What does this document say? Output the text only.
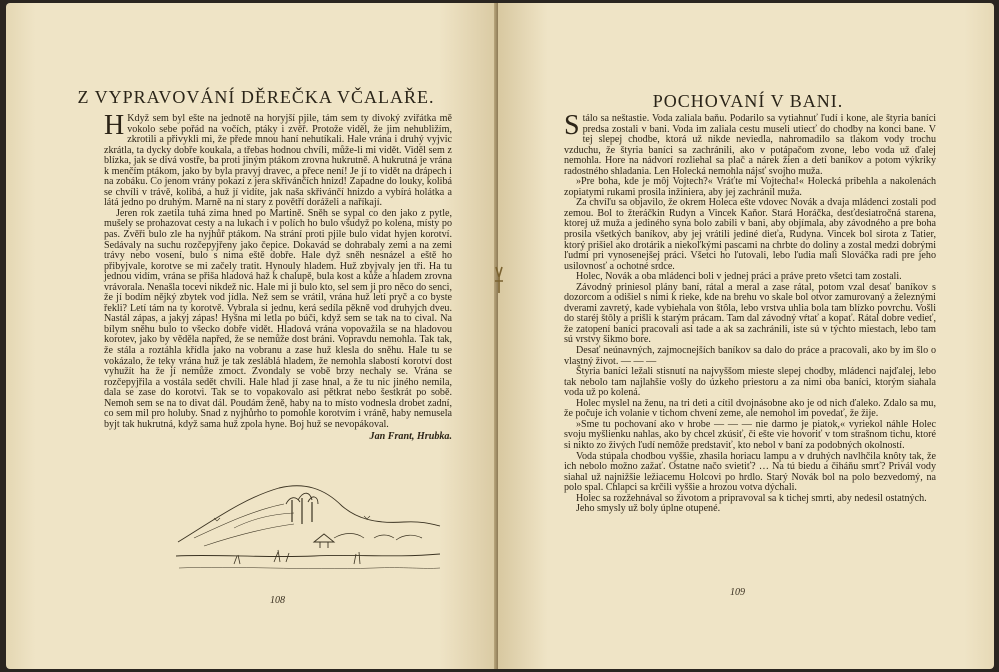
Z VYPRAVOVÁNÍ DĚREČKA VČALAŘE.

H Když sem byl ešte na jednotě na horyjší pjile, tám sem ty divoký zviřátka mě vokolo sebe pořád na vočích, ptáky i zvěř. Protože viděl, že jim nehubližím, zkrotili a přivykli mi, že přede mnou haní nehutíkali. Hale vrána i druhý vyjvic zkrátla, ta dycky dobře koukala, a třebas hodnou chvíli, může-li mi vidět. Viděl sem z blízka, jak se divá vostře, ba proti jiným ptákom zrovna hukrutně. A hukrutná je vrána k menčím ptákom, jako by byla pravyj dravec, a přece není! Je jí to vidět na drápech i na zobáku. Co jenom vrány pokazí z jera skřivánčích hnizd! Zapadne do louky, kolibá se chvíli v trávě, kolibá, a huž jí vidíte, jak naša skřivánčí hnizdo a vybírá holátka a látá jedno po druhým. Marně na ni stary z povětří doráželi a naříkají.

Jeren rok zaetila tuhá zima hned po Martině. Sněh se sypal co den jako z pytle, mušely se prohazovat cesty a na lukach i v polích ho bulo všudyž po kolena, místy po pas. Zvěři bulo zle ha nyjhůř ptákom. Na strání proti pjile bulo vidat hyjen korotví. Sedávaly na suchu rozčepyjřeny jako čepice. Dokavád se dohrabaly zemi a na zemi trávy nebo vosení, bulo s nima eště dobře. Hale dyž sněh nesnázel a eště ho přibyjvale, korotve se mi začely tratit. Hynouly hladem. Huž zbyjvaly jen tři. Ha tu jednou vidím, vrána se přiša hladová haž k chalupě, bula kost a kůže a hladem zrovna vrávorala. Nenašla tocevi nikdež nic. Hale mi ji bulo kto, sel sem ji pro něco do senci, že jí bodím nějký zbytek vod jídla. Než sem se vrátil, vrána huž letí pryč a co byste řekli? Letí tám na ty korotvě. Vybrala si jednu, kerá sedíla pěkně vod druhyjch dveu. Nastál zápas, a jakyj zápas! Hyšna mi letla po búči, když sem se tak na to cival. Na bílym sněhu bulo to všecko dobře vidět. Hladová vrána vopovažila se na hladovou korotev, jako by věděla napřed, že se nemůže dost bráni. Vopravdu nemohla. Tak tak, že stála a roztáhla křídla jako na vobranu a zase huž klesla do sněhu. Hale tu se vokázalo, že teky vrána huž je tak zesláblá hladem, že nemohla slabostí korotví dost vyhužít ha že jí nemůže zmoct. Zvondaly se vobě brzy nechaly se. Vrána se rozčepyjřila a vostála sedět chvíli. Hale hlad jí zase hnal, a že tu nic jiného nemila, dala se zase do korotvi. Tak se to vopakovalo asi pětkrat nebo šestkrát po sobě. Nemoh sem se na to divat dál. Poudám ženě, haby na to místo vodnesla drobet zadní, co sem mil pro holuby. Snad z nyjhůrho to pomohle korotvím i vráně, haby nemusela byjt tak hukrutná, když sama huž zpola hyne. Boj huž se nevopákoval.

Jan Frant, Hrubka.
108
POCHOVANÍ V BANI.

Stálo sa neštastie. Voda zaliala baňu. Podarilo sa vytiahnuť ľudí i kone, ale štyria baníci predsa zostali v bani. Voda im zaliala cestu museli utiecť do chodby na konci bane. V tej slepej chodbe, ktorá už nikde neviedla, nahromadilo sa tlakom vody trochu vzduchu, že štyria baníci sa zachránili, ako v potápačom zvone, lebo voda už ďalej nemohla. Hore na nádvorí rozliehal sa plač a nárek žien a detí baníkov a potom výkriky radostného shladania. Len Holecká nemohla nájsť svojho muža.

»Pre boha, kde je môj Vojtech?« Vráťte mi Vojtecha!« Holecká pribehla a nakolenách zopiatymi rukami prosila inžiniera, aby jej zachránil muža.

Za chvíľu sa objavilo, že okrem Holeca ešte vdovec Novák a dvaja mládenci zostali pod zemou. Bol to žteráčkin Rudyn a Vincek Kaňor. Stará Horáčka, desťdesiatročná starena, ktorej už muža a jediného syna bolo zabili v bani, aby objímala, aby závodného a pre boha prosila všetkých baníkov, aby jej vrátili jediné dieťa, Rudyna. Vincek bol sirota z Tatier, ktorý prišiel ako drotárik a niekoľkými pascami na chrbte do doliny a zostal medzi dobrými ľudmi pri vynosenejšej práci. Všetci ho ľutovali, lebo ľudia mali Slováčka radi pre jeho usilovnosť a ochotné srdce.

Holec, Novák a oba mládenci boli v jednej práci a práve preto všetci tam zostali.

Závodný priniesol plány baní, rátal a meral a zase rátal, potom vzal desať baníkov s dozorcom a odišiel s nimi k rieke, kde na brehu vo skale bol otvor zamurovaný a železnými dverami zavretý, kade vybiehala von štôla, lebo vrstva uhlia bola tam blízko povrchu. Vošli do staréj štôly a prišli k starým prácam. Tam dal závodný vŕtať a kopať. Rátal dobre vedieť, že zatopení baníci pracovali asi tade a ak sa zachránili, iste sú v týchto miestach, lebo tam sú vrstvy šikmo bore.

Desať neúnavných, zajmocnejších baníkov sa dalo do práce a pracovali, ako by im šlo o vlastný život. — — —

Štyria baníci ležali stisnutí na najvyššom mieste slepej chodby, mládenci najďalej, lebo tak nebolo tam najlahšie vošly do úzkeho priestoru a za nimi oba baníci, ktorým siahala voda už po kolená.

Holec myslel na ženu, na tri deti a cítil dvojnásobne ako je od nich ďaleko. Zdalo sa mu, že počuje ich volanie v tichom chvení zeme, ale nemohol im povedať, že žije.

»Sme tu pochovaní ako v hrobe — — — nie darmo je piatok,« vyriekol náhle Holec svoju myšlienku nahlas, ako by chcel zkúsiť, či ešte vie hovoriť v tom strašnom tichu, ktoré si nikto zo živých ľudí nemôže predstaviť, kto nebol v baní za podobných okolností.

Voda stúpala chodbou vyššie, zhasila horiacu lampu a v druhých navlhčila knôty tak, že ich nebolo možno zažať. Ostatne načo svietiť? … Na tú biedu a čiháňu smrť? Privál vody siahal už najnižšie ležiacemu Holcovi po hrdlo. Starý Novák bol na polo bezvedomý, na polo spal. Chlapci sa krčili vyššie a hrozou votva dýchali.

Holec sa rozžehnával so životom a pripravoval sa k tichej smrti, aby nedesil ostatných.

Jeho smysly už boly úplne otupené.

109
